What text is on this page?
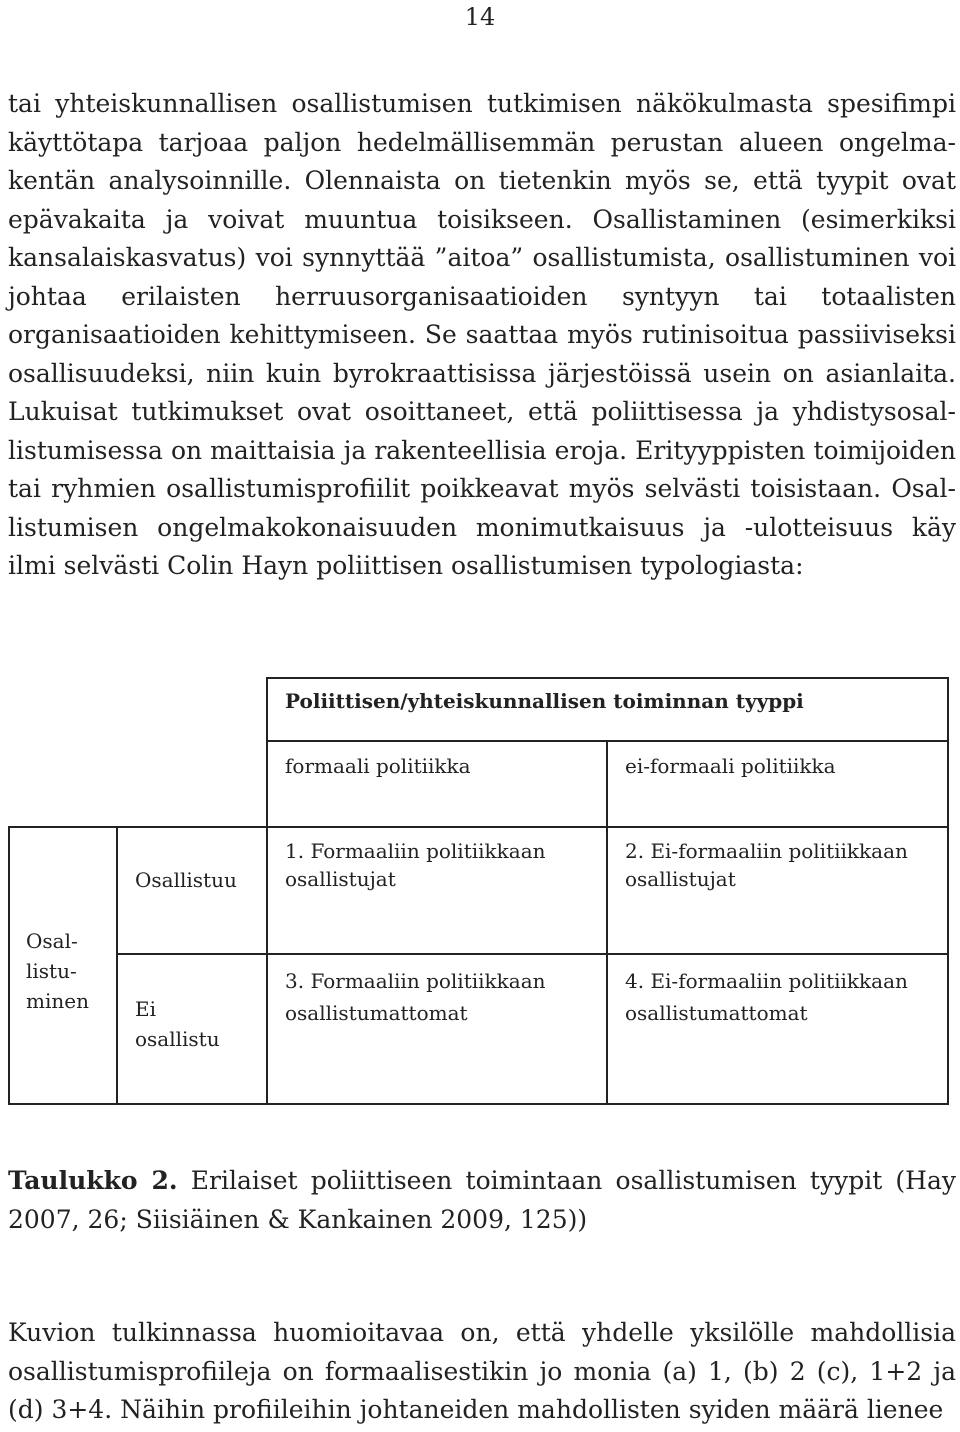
14

tai yhteiskunnallisen osallistumisen tutkimisen näkökulmasta spesifimpi käyttötapa tarjoaa paljon hedelmällisemmän perustan alueen ongelmakentän analysoinnille. Olennaista on tietenkin myös se, että tyypit ovat epävakaita ja voivat muuntua toisikseen. Osallistaminen (esimerkiksi kansalaiskasvatus) voi synnyttää ”aitoa” osallistumista, osallistuminen voi johtaa erilaisten herruusorganisaatioiden syntyyn tai totaalisten organisaatioiden kehittymiseen. Se saattaa myös rutinisoitua passiiviseksi osallisuudeksi, niin kuin byrokraattisissa järjestöissä usein on asianlaita. Lukuisat tutkimukset ovat osoittaneet, että poliittisessa ja yhdistysosallistumisessa on maittaisia ja rakenteellisia eroja. Erityyppisten toimijoiden tai ryhmien osallistumisprofiilit poikkeavat myös selvästi toisistaan. Osallistumisen ongelmakokonaisuuden monimutkaisuus ja -ulotteisuus käy ilmi selvästi Colin Hayn poliittisen osallistumisen typologiasta:

Poliittisen/yhteiskunnallisen toiminnan tyyppi
formaali politiikka	ei-formaali politiikka
Osal-
listu-
minen
Osallistuu
Ei
osallistu
1. Formaaliin politiikkaan
osallistujat
2. Ei-formaaliin politiikkaan
osallistujat
3. Formaaliin politiikkaan
osallistumattomat
4. Ei-formaaliin politiikkaan
osallistumattomat

Taulukko 2. Erilaiset poliittiseen toimintaan osallistumisen tyypit (Hay 2007, 26; Siisiäinen & Kankainen 2009, 125))

Kuvion tulkinnassa huomioitavaa on, että yhdelle yksilölle mahdollisia osallistumisprofiileja on formaalisestikin jo monia (a) 1, (b) 2 (c), 1+2 ja (d) 3+4. Näihin profiileihin johtaneiden mahdollisten syiden määrä lienee
